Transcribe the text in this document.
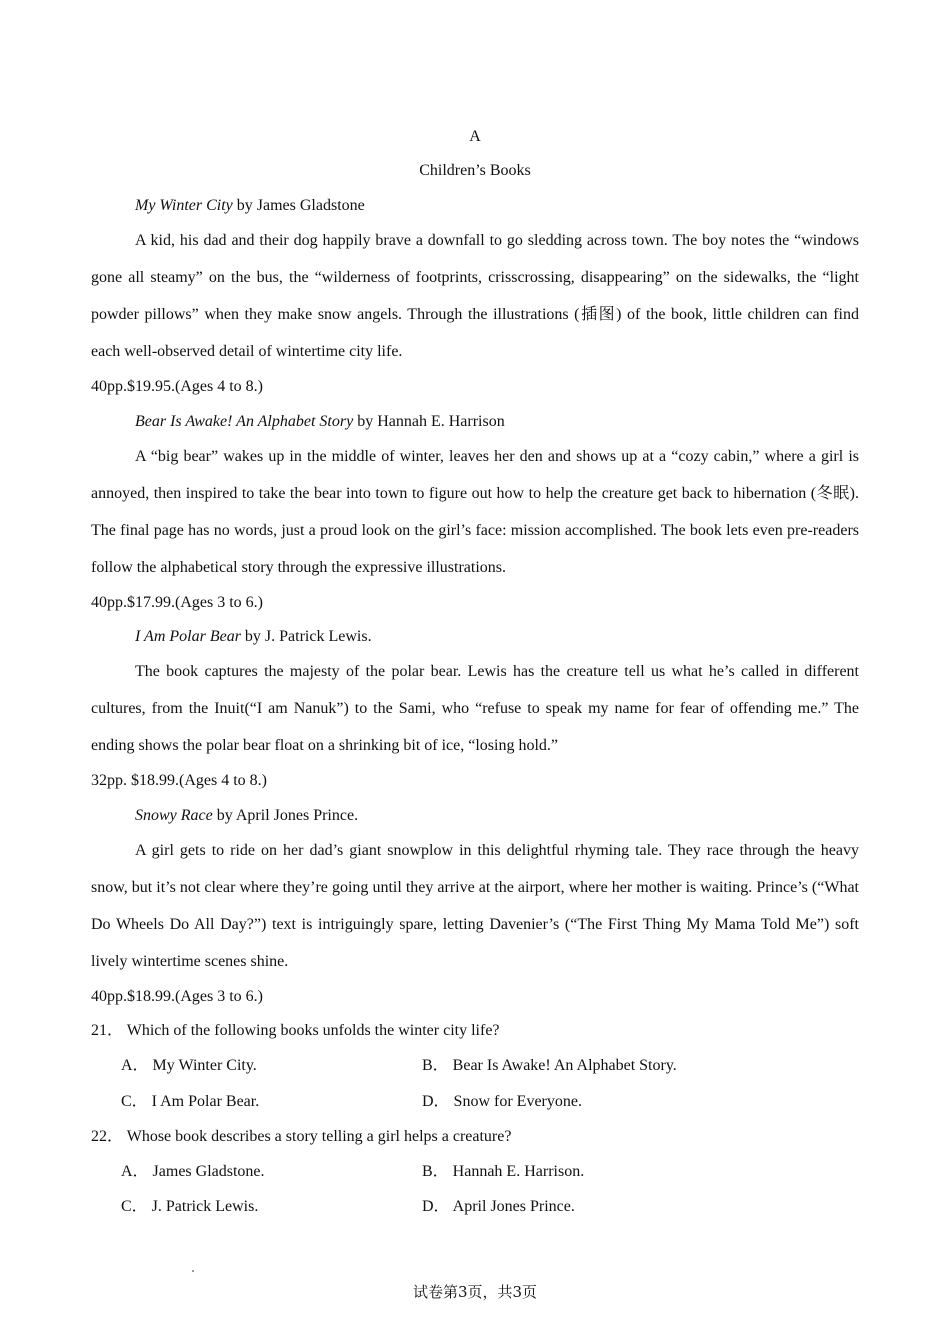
A
Children’s Books
My Winter City by James Gladstone
A kid, his dad and their dog happily brave a downfall to go sledding across town. The boy notes the “windows gone all steamy” on the bus, the “wilderness of footprints, crisscrossing, disappearing” on the sidewalks, the “light powder pillows” when they make snow angels. Through the illustrations (插图) of the book, little children can find each well-observed detail of wintertime city life.
40pp.$19.95.(Ages 4 to 8.)
Bear Is Awake! An Alphabet Story by Hannah E. Harrison
A “big bear” wakes up in the middle of winter, leaves her den and shows up at a “cozy cabin,” where a girl is annoyed, then inspired to take the bear into town to figure out how to help the creature get back to hibernation (冬眠). The final page has no words, just a proud look on the girl’s face: mission accomplished. The book lets even pre-readers follow the alphabetical story through the expressive illustrations.
40pp.$17.99.(Ages 3 to 6.)
I Am Polar Bear by J. Patrick Lewis.
The book captures the majesty of the polar bear. Lewis has the creature tell us what he’s called in different cultures, from the Inuit(“I am Nanuk”) to the Sami, who “refuse to speak my name for fear of offending me.” The ending shows the polar bear float on a shrinking bit of ice, “losing hold.”
32pp. $18.99.(Ages 4 to 8.)
Snowy Race by April Jones Prince.
A girl gets to ride on her dad’s giant snowplow in this delightful rhyming tale. They race through the heavy snow, but it’s not clear where they’re going until they arrive at the airport, where her mother is waiting. Prince’s (“What Do Wheels Do All Day?”) text is intriguingly spare, letting Davenier’s (“The First Thing My Mama Told Me”) soft lively wintertime scenes shine.
40pp.$18.99.(Ages 3 to 6.)
21． Which of the following books unfolds the winter city life?
A． My Winter City.	B． Bear Is Awake! An Alphabet Story.
C． I Am Polar Bear.	D． Snow for Everyone.
22． Whose book describes a story telling a girl helps a creature?
A． James Gladstone.	B． Hannah E. Harrison.
C． J. Patrick Lewis.	D． April Jones Prince.
试卷第3页，共3页
